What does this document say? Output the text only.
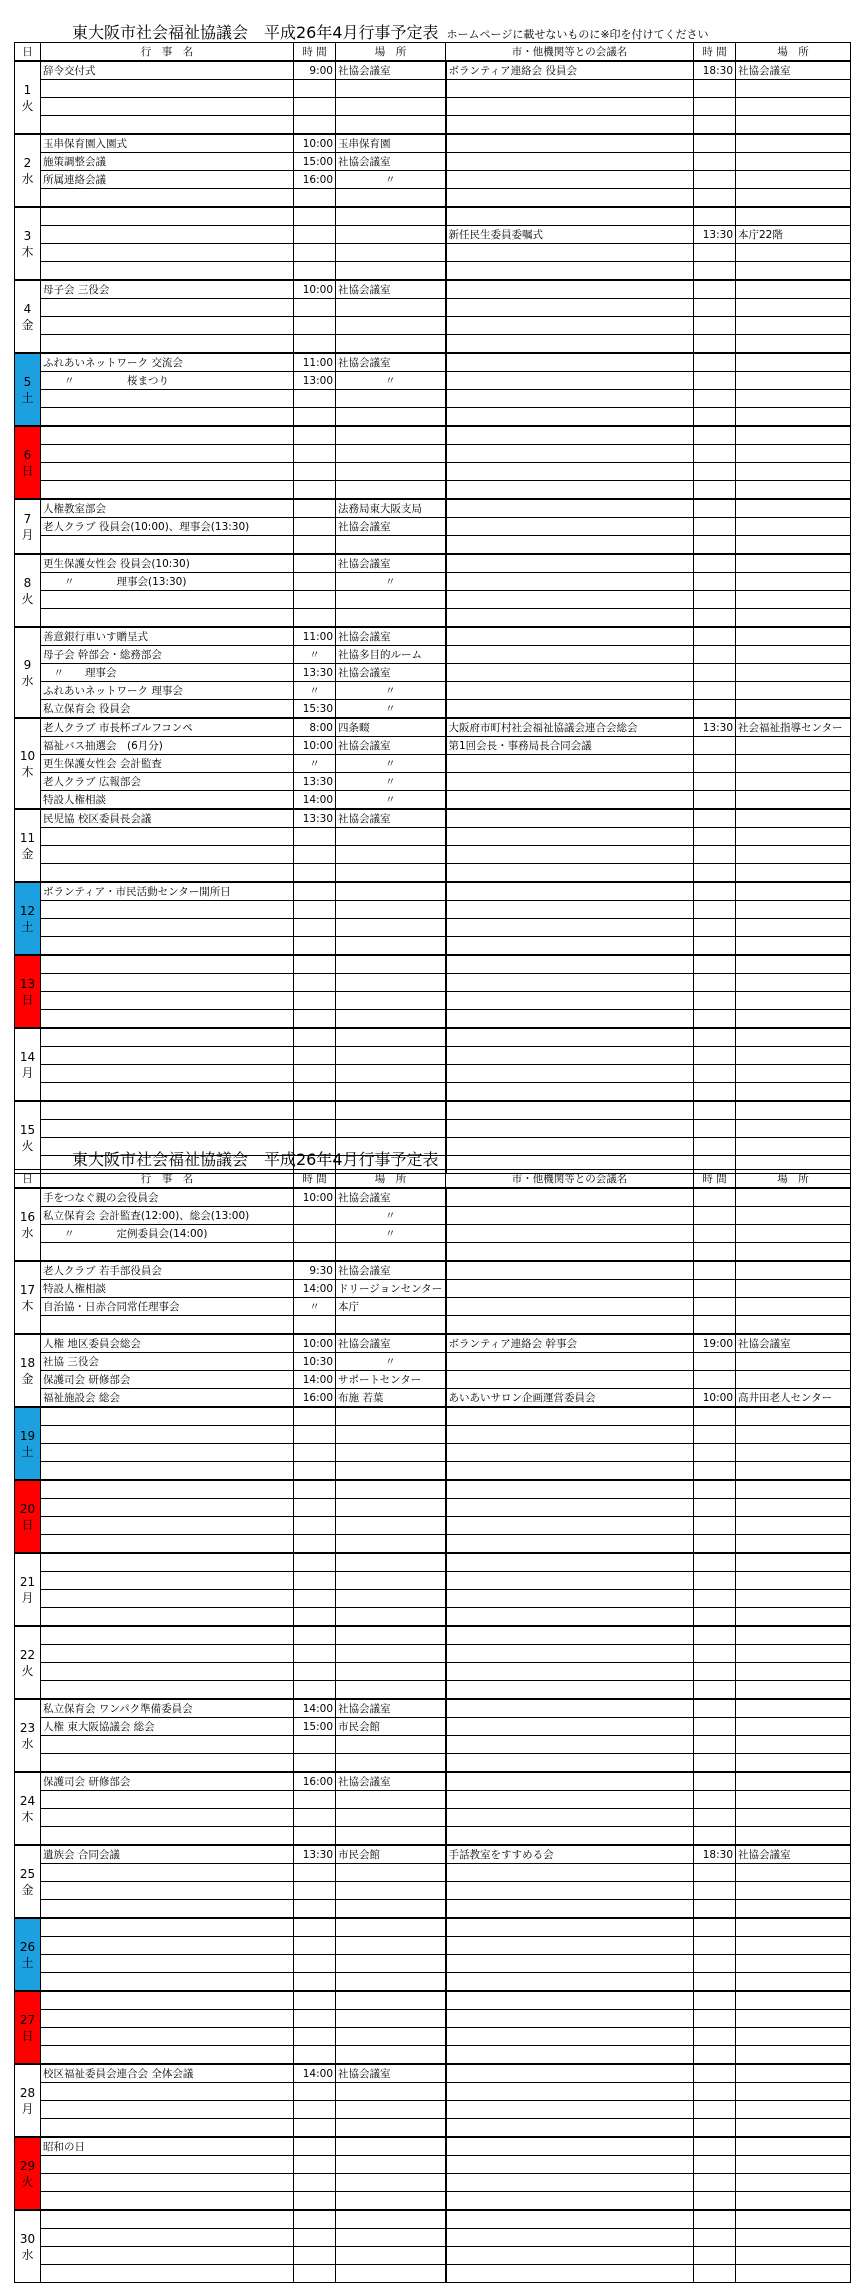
東大阪市社会福祉協議会　平成26年4月行事予定表 ホームページに載せないものに※印を付けてください
日	行　事　名	時 間	場　所	市・他機関等との会議名	時 間	場　所

1
火	辞令交付式	9:00	社協会議室	ボランティア連絡会 役員会	18:30	社協会議室

2
水	玉串保育園入園式	10:00	玉串保育園			
	施策調整会議	15:00	社協会議室			
	所属連絡会議	16:00	〃			

3
木						

				新任民生委員委嘱式	13:30	本庁22階

4
金	母子会 三役会	10:00	社協会議室			

5
土	ふれあいネットワーク 交流会	11:00	社協会議室			
	　　〃　　　　　桜まつり	13:00	〃			

6
日						

7
月	人権教室部会		法務局東大阪支局			
	老人クラブ 役員会(10:00)、理事会(13:30)		社協会議室			

8
火	更生保護女性会 役員会(10:30)		社協会議室			
	　　〃　　　　理事会(13:30)		〃			

9
水	善意銀行車いす贈呈式	11:00	社協会議室			
	母子会 幹部会・総務部会	〃	社協多目的ルーム			
	　〃　　理事会	13:30	社協会議室			
	ふれあいネットワーク 理事会	〃	〃			
	私立保育会 役員会	15:30	〃			

10
木	老人クラブ 市長杯ゴルフコンペ	8:00	四条畷	大阪府市町村社会福祉協議会連合会総会	13:30	社会福祉指導センター
	福祉バス抽選会　(6月分)	10:00	社協会議室	第1回会長・事務局長合同会議		
	更生保護女性会 会計監査	〃	〃			
	老人クラブ 広報部会	13:30	〃			
	特設人権相談	14:00	〃			

11
金	民児協 校区委員長会議	13:30	社協会議室			

12
土	ボランティア・市民活動センター開所日					

13
日						

14
月						

15
火						

東大阪市社会福祉協議会　平成26年4月行事予定表
日	行　事　名	時 間	場　所	市・他機関等との会議名	時 間	場　所

16
水	手をつなぐ親の会役員会	10:00	社協会議室			
	私立保育会 会計監査(12:00)、総会(13:00)		〃			
	　　〃　　　　定例委員会(14:00)		〃			

17
木	老人クラブ 若手部役員会	9:30	社協会議室			
	特設人権相談	14:00	ドリージョンセンター			
	自治協・日赤合同常任理事会	〃	本庁			

18
金	人権 地区委員会総会	10:00	社協会議室	ボランティア連絡会 幹事会	19:00	社協会議室
	社協 三役会	10:30	〃			
	保護司会 研修部会	14:00	サポートセンター			
	福祉施設会 総会	16:00	布施 若葉	あいあいサロン企画運営委員会	10:00	高井田老人センター

19
土						

20
日						

21
月						

22
火						

23
水	私立保育会 ワンパク準備委員会	14:00	社協会議室			
	人権 東大阪協議会 総会	15:00	市民会館			

24
木	保護司会 研修部会	16:00	社協会議室			

25
金	遺族会 合同会議	13:30	市民会館	手話教室をすすめる会	18:30	社協会議室

26
土						

27
日						

28
月	校区福祉委員会連合会 全体会議	14:00	社協会議室			

29
火	昭和の日					

30
水						
